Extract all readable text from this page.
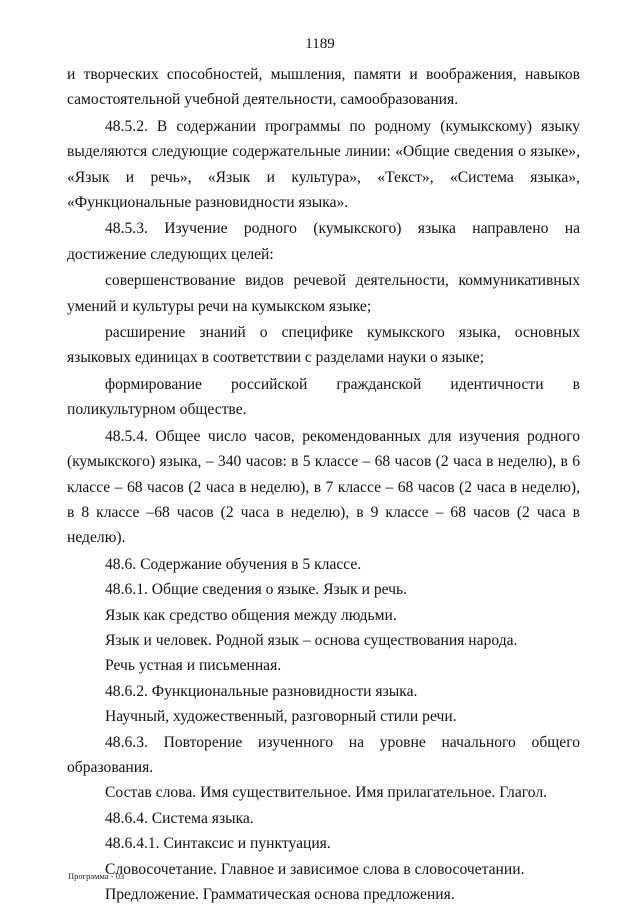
1189

и творческих способностей, мышления, памяти и воображения, навыков самостоятельной учебной деятельности, самообразования.

48.5.2. В содержании программы по родному (кумыкскому) языку выделяются следующие содержательные линии: «Общие сведения о языке», «Язык и речь», «Язык и культура», «Текст», «Система языка», «Функциональные разновидности языка».

48.5.3. Изучение родного (кумыкского) языка направлено на достижение следующих целей:

совершенствование видов речевой деятельности, коммуникативных умений и культуры речи на кумыкском языке;

расширение знаний о специфике кумыкского языка, основных языковых единицах в соответствии с разделами науки о языке;

формирование российской гражданской идентичности в поликультурном обществе.

48.5.4. Общее число часов, рекомендованных для изучения родного (кумыкского) языка, – 340 часов: в 5 классе – 68 часов (2 часа в неделю), в 6 классе – 68 часов (2 часа в неделю), в 7 классе – 68 часов (2 часа в неделю), в 8 классе –68 часов (2 часа в неделю), в 9 классе – 68 часов (2 часа в неделю).

48.6. Содержание обучения в 5 классе.

48.6.1. Общие сведения о языке. Язык и речь.

Язык как средство общения между людьми.

Язык и человек. Родной язык – основа существования народа.

Речь устная и письменная.

48.6.2. Функциональные разновидности языка.

Научный, художественный, разговорный стили речи.

48.6.3. Повторение изученного на уровне начального общего образования.

Состав слова. Имя существительное. Имя прилагательное. Глагол.

48.6.4. Система языка.

48.6.4.1. Синтаксис и пунктуация.

Словосочетание. Главное и зависимое слова в словосочетании.

Предложение. Грамматическая основа предложения.

Программа - 03
